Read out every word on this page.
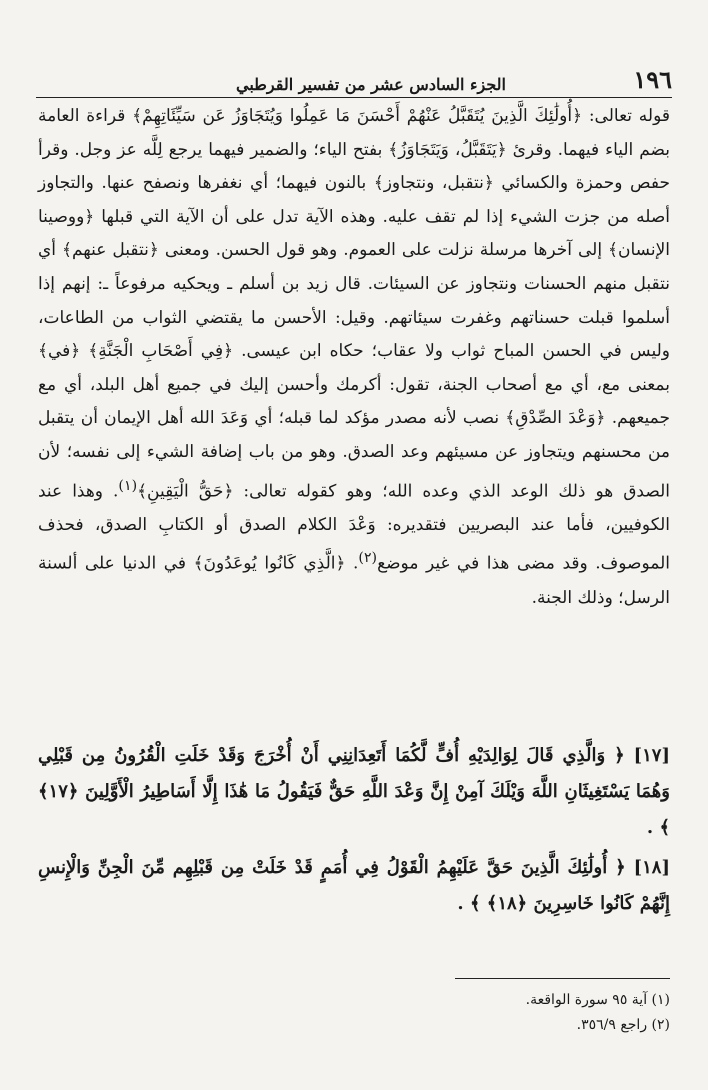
١٩٦
الجزء السادس عشر من تفسير القرطبي

قوله تعالى: ﴿أُولَٰئِكَ الَّذِينَ يُتَقَبَّلُ عَنْهُمْ أَحْسَنَ مَا عَمِلُوا وَيُتَجَاوَزُ عَن سَيِّئَاتِهِمْ﴾ قراءة العامة بضم الياء فيهما. وقرئ ﴿يَتَقَبَّلُ، وَيَتَجَاوَزُ﴾ بفتح الياء؛ والضمير فيهما يرجع لِلَّه عز وجل. وقرأ حفص وحمزة والكسائي ﴿نتقبل، ونتجاوز﴾ بالنون فيهما؛ أي نغفرها ونصفح عنها. والتجاوز أصله من جزت الشيء إذا لم تقف عليه. وهذه الآية تدل على أن الآية التي قبلها ﴿ووصينا الإنسان﴾ إلى آخرها مرسلة نزلت على العموم. وهو قول الحسن. ومعنى ﴿نتقبل عنهم﴾ أي نتقبل منهم الحسنات ونتجاوز عن السيئات. قال زيد بن أسلم ـ ويحكيه مرفوعاً ـ: إنهم إذا أسلموا قبلت حسناتهم وغفرت سيئاتهم. وقيل: الأحسن ما يقتضي الثواب من الطاعات، وليس في الحسن المباح ثواب ولا عقاب؛ حكاه ابن عيسى. ﴿فِي أَصْحَابِ الْجَنَّةِ﴾ ﴿في﴾ بمعنى مع، أي مع أصحاب الجنة، تقول: أكرمك وأحسن إليك في جميع أهل البلد، أي مع جميعهم. ﴿وَعْدَ الصِّدْقِ﴾ نصب لأنه مصدر مؤكد لما قبله؛ أي وَعَدَ الله أهل الإيمان أن يتقبل من محسنهم ويتجاوز عن مسيئهم وعد الصدق. وهو من باب إضافة الشيء إلى نفسه؛ لأن الصدق هو ذلك الوعد الذي وعده الله؛ وهو كقوله تعالى: ﴿حَقُّ الْيَقِينِ﴾$^{(١)}$. وهذا عند الكوفيين، فأما عند البصريين فتقديره: وَعْدَ الكلام الصدق أو الكتابِ الصدق، فحذف الموصوف. وقد مضى هذا في غير موضع$^{(٢)}$. ﴿الَّذِي كَانُوا يُوعَدُونَ﴾ في الدنيا على ألسنة الرسل؛ وذلك الجنة.

[١٧] ﴿ وَالَّذِي قَالَ لِوَالِدَيْهِ أُفٍّ لَّكُمَا أَتَعِدَانِنِي أَنْ أُخْرَجَ وَقَدْ خَلَتِ الْقُرُونُ مِن قَبْلِي وَهُمَا يَسْتَغِيثَانِ اللَّهَ وَيْلَكَ آمِنْ إِنَّ وَعْدَ اللَّهِ حَقٌّ فَيَقُولُ مَا هَٰذَا إِلَّا أَسَاطِيرُ الْأَوَّلِينَ ﴿١٧﴾ ﴾ .

[١٨] ﴿ أُولَٰئِكَ الَّذِينَ حَقَّ عَلَيْهِمُ الْقَوْلُ فِي أُمَمٍ قَدْ خَلَتْ مِن قَبْلِهِم مِّنَ الْجِنِّ وَالْإِنسِ إِنَّهُمْ كَانُوا خَاسِرِينَ ﴿١٨﴾ ﴾ .

(١) آية ٩٥ سورة الواقعة.
(٢) راجع ٣٥٦/٩.
